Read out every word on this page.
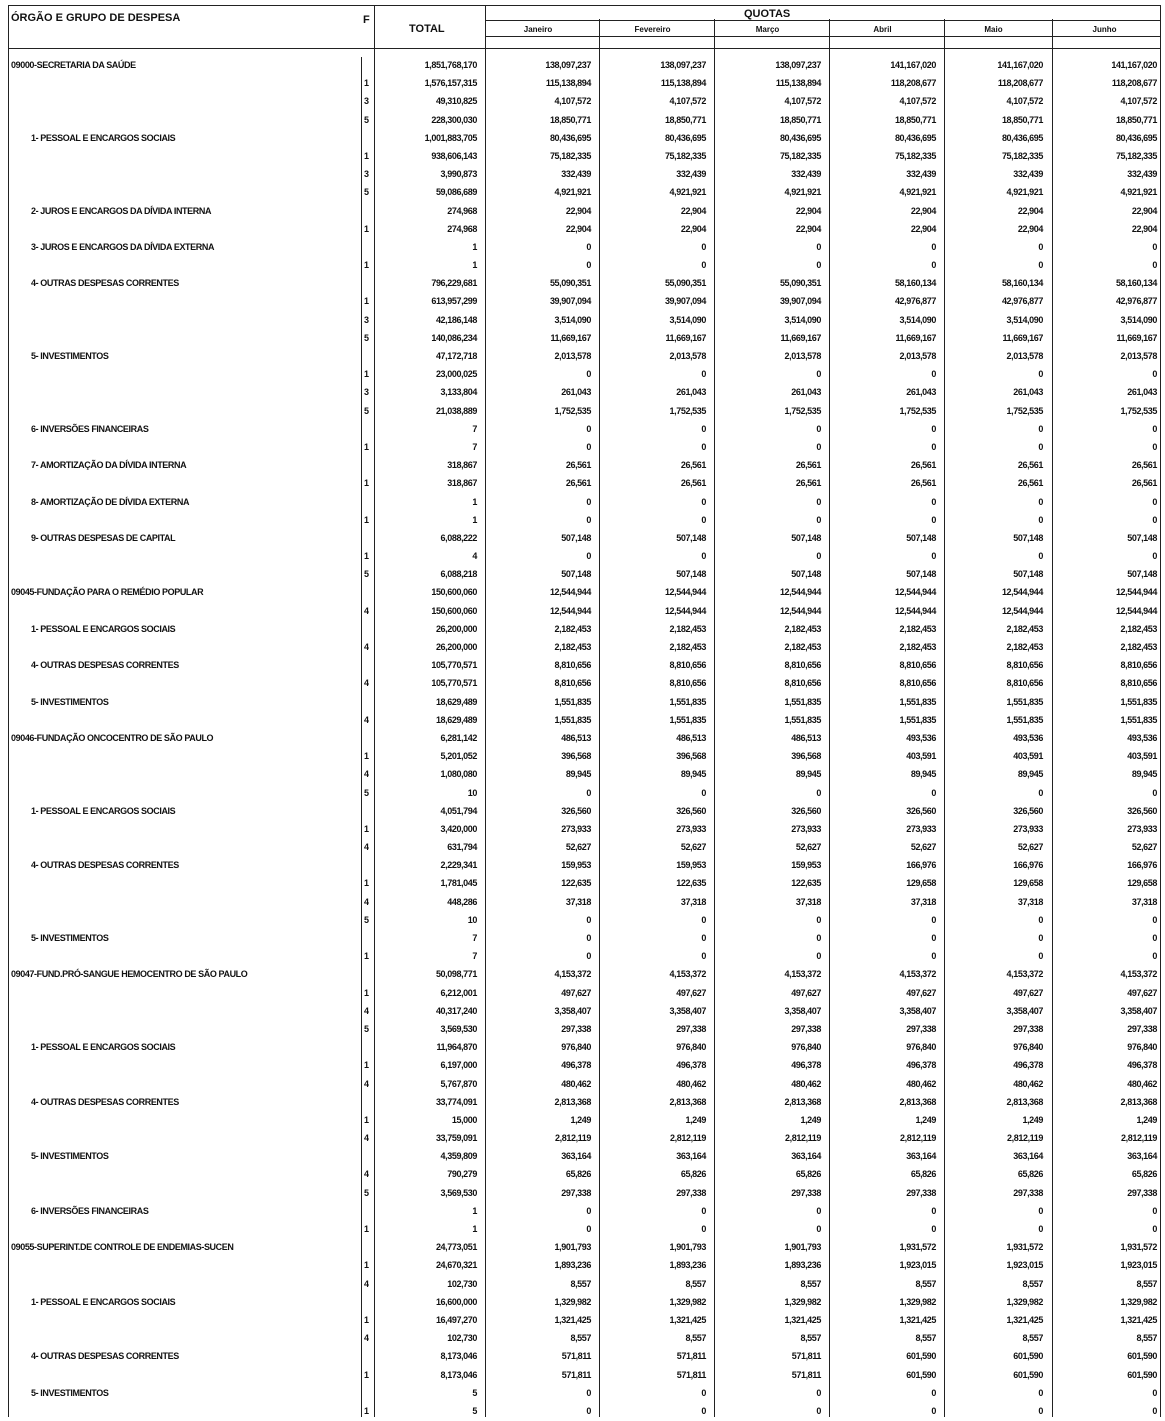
ÓRGÃO E GRUPO DE DESPESA	F
TOTAL
QUOTAS
Janeiro	Fevereiro	Março	Abril	Maio	Junho
09000-SECRETARIA DA SAÚDE	1,851,768,170	138,097,237	138,097,237	138,097,237	141,167,020	141,167,020	141,167,020
1	1,576,157,315	115,138,894	115,138,894	115,138,894	118,208,677	118,208,677	118,208,677
3	49,310,825	4,107,572	4,107,572	4,107,572	4,107,572	4,107,572	4,107,572
5	228,300,030	18,850,771	18,850,771	18,850,771	18,850,771	18,850,771	18,850,771
1- PESSOAL E ENCARGOS SOCIAIS	1,001,883,705	80,436,695	80,436,695	80,436,695	80,436,695	80,436,695	80,436,695
1	938,606,143	75,182,335	75,182,335	75,182,335	75,182,335	75,182,335	75,182,335
3	3,990,873	332,439	332,439	332,439	332,439	332,439	332,439
5	59,086,689	4,921,921	4,921,921	4,921,921	4,921,921	4,921,921	4,921,921
2- JUROS E ENCARGOS DA DÍVIDA INTERNA	274,968	22,904	22,904	22,904	22,904	22,904	22,904
1	274,968	22,904	22,904	22,904	22,904	22,904	22,904
3- JUROS E ENCARGOS DA DÍVIDA EXTERNA	1	0	0	0	0	0	0
1	1	0	0	0	0	0	0
4- OUTRAS DESPESAS CORRENTES	796,229,681	55,090,351	55,090,351	55,090,351	58,160,134	58,160,134	58,160,134
1	613,957,299	39,907,094	39,907,094	39,907,094	42,976,877	42,976,877	42,976,877
3	42,186,148	3,514,090	3,514,090	3,514,090	3,514,090	3,514,090	3,514,090
5	140,086,234	11,669,167	11,669,167	11,669,167	11,669,167	11,669,167	11,669,167
5- INVESTIMENTOS	47,172,718	2,013,578	2,013,578	2,013,578	2,013,578	2,013,578	2,013,578
1	23,000,025	0	0	0	0	0	0
3	3,133,804	261,043	261,043	261,043	261,043	261,043	261,043
5	21,038,889	1,752,535	1,752,535	1,752,535	1,752,535	1,752,535	1,752,535
6- INVERSÕES FINANCEIRAS	7	0	0	0	0	0	0
1	7	0	0	0	0	0	0
7- AMORTIZAÇÃO DA DÍVIDA INTERNA	318,867	26,561	26,561	26,561	26,561	26,561	26,561
1	318,867	26,561	26,561	26,561	26,561	26,561	26,561
8- AMORTIZAÇÃO DE DÍVIDA EXTERNA	1	0	0	0	0	0	0
1	1	0	0	0	0	0	0
9- OUTRAS DESPESAS DE CAPITAL	6,088,222	507,148	507,148	507,148	507,148	507,148	507,148
1	4	0	0	0	0	0	0
5	6,088,218	507,148	507,148	507,148	507,148	507,148	507,148
09045-FUNDAÇÃO PARA O REMÉDIO POPULAR	150,600,060	12,544,944	12,544,944	12,544,944	12,544,944	12,544,944	12,544,944
4	150,600,060	12,544,944	12,544,944	12,544,944	12,544,944	12,544,944	12,544,944
1- PESSOAL E ENCARGOS SOCIAIS	26,200,000	2,182,453	2,182,453	2,182,453	2,182,453	2,182,453	2,182,453
4	26,200,000	2,182,453	2,182,453	2,182,453	2,182,453	2,182,453	2,182,453
4- OUTRAS DESPESAS CORRENTES	105,770,571	8,810,656	8,810,656	8,810,656	8,810,656	8,810,656	8,810,656
4	105,770,571	8,810,656	8,810,656	8,810,656	8,810,656	8,810,656	8,810,656
5- INVESTIMENTOS	18,629,489	1,551,835	1,551,835	1,551,835	1,551,835	1,551,835	1,551,835
4	18,629,489	1,551,835	1,551,835	1,551,835	1,551,835	1,551,835	1,551,835
09046-FUNDAÇÃO ONCOCENTRO DE SÃO PAULO	6,281,142	486,513	486,513	486,513	493,536	493,536	493,536
1	5,201,052	396,568	396,568	396,568	403,591	403,591	403,591
4	1,080,080	89,945	89,945	89,945	89,945	89,945	89,945
5	10	0	0	0	0	0	0
1- PESSOAL E ENCARGOS SOCIAIS	4,051,794	326,560	326,560	326,560	326,560	326,560	326,560
1	3,420,000	273,933	273,933	273,933	273,933	273,933	273,933
4	631,794	52,627	52,627	52,627	52,627	52,627	52,627
4- OUTRAS DESPESAS CORRENTES	2,229,341	159,953	159,953	159,953	166,976	166,976	166,976
1	1,781,045	122,635	122,635	122,635	129,658	129,658	129,658
4	448,286	37,318	37,318	37,318	37,318	37,318	37,318
5	10	0	0	0	0	0	0
5- INVESTIMENTOS	7	0	0	0	0	0	0
1	7	0	0	0	0	0	0
09047-FUND.PRÓ-SANGUE HEMOCENTRO DE SÃO PAULO	50,098,771	4,153,372	4,153,372	4,153,372	4,153,372	4,153,372	4,153,372
1	6,212,001	497,627	497,627	497,627	497,627	497,627	497,627
4	40,317,240	3,358,407	3,358,407	3,358,407	3,358,407	3,358,407	3,358,407
5	3,569,530	297,338	297,338	297,338	297,338	297,338	297,338
1- PESSOAL E ENCARGOS SOCIAIS	11,964,870	976,840	976,840	976,840	976,840	976,840	976,840
1	6,197,000	496,378	496,378	496,378	496,378	496,378	496,378
4	5,767,870	480,462	480,462	480,462	480,462	480,462	480,462
4- OUTRAS DESPESAS CORRENTES	33,774,091	2,813,368	2,813,368	2,813,368	2,813,368	2,813,368	2,813,368
1	15,000	1,249	1,249	1,249	1,249	1,249	1,249
4	33,759,091	2,812,119	2,812,119	2,812,119	2,812,119	2,812,119	2,812,119
5- INVESTIMENTOS	4,359,809	363,164	363,164	363,164	363,164	363,164	363,164
4	790,279	65,826	65,826	65,826	65,826	65,826	65,826
5	3,569,530	297,338	297,338	297,338	297,338	297,338	297,338
6- INVERSÕES FINANCEIRAS	1	0	0	0	0	0	0
1	1	0	0	0	0	0	0
09055-SUPERINT.DE CONTROLE DE ENDEMIAS-SUCEN	24,773,051	1,901,793	1,901,793	1,901,793	1,931,572	1,931,572	1,931,572
1	24,670,321	1,893,236	1,893,236	1,893,236	1,923,015	1,923,015	1,923,015
4	102,730	8,557	8,557	8,557	8,557	8,557	8,557
1- PESSOAL E ENCARGOS SOCIAIS	16,600,000	1,329,982	1,329,982	1,329,982	1,329,982	1,329,982	1,329,982
1	16,497,270	1,321,425	1,321,425	1,321,425	1,321,425	1,321,425	1,321,425
4	102,730	8,557	8,557	8,557	8,557	8,557	8,557
4- OUTRAS DESPESAS CORRENTES	8,173,046	571,811	571,811	571,811	601,590	601,590	601,590
1	8,173,046	571,811	571,811	571,811	601,590	601,590	601,590
5- INVESTIMENTOS	5	0	0	0	0	0	0
1	5	0	0	0	0	0	0
